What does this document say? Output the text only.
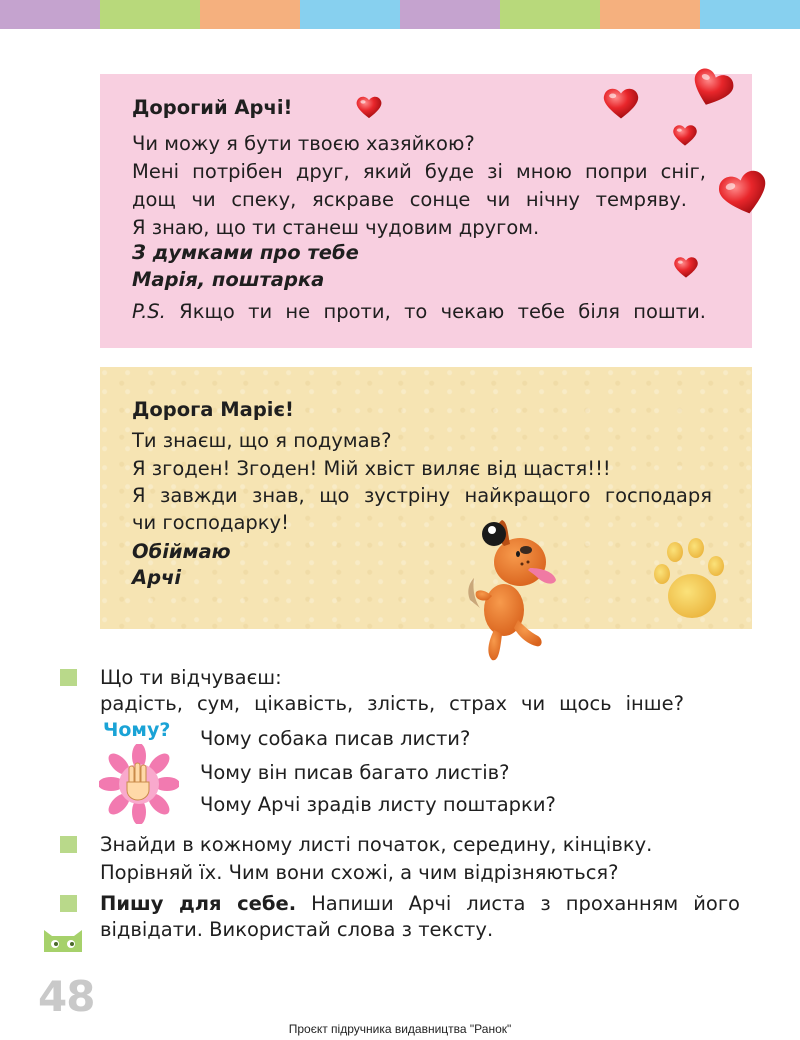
Дорогий Арчі!
Чи можу я бути твоєю хазяйкою?
Мені потрібен друг, який буде зі мною попри сніг,
дощ чи спеку, яскраве сонце чи нічну темряву.
Я знаю, що ти станеш чудовим другом.
З думками про тебе
Марія, поштарка
P.S. Якщо ти не проти, то чекаю тебе біля пошти.
Дорога Маріє!
Ти знаєш, що я подумав?
Я згоден! Згоден! Мій хвіст виляє від щастя!!!
Я завжди знав, що зустріну найкращого господаря
чи господарку!
Обіймаю
Арчі
Що ти відчуваєш:
радість, сум, цікавість, злість, страх чи щось інше?
Чому? Чому собака писав листи?
Чому він писав багато листів?
Чому Арчі зрадів листу поштарки?
Знайди в кожному листі початок, середину, кінцівку.
Порівняй їх. Чим вони схожі, а чим відрізняються?
Пишу для себе. Напиши Арчі листа з проханням його
відвідати. Використай слова з тексту.
48
Проєкт підручника видавництва "Ранок"
